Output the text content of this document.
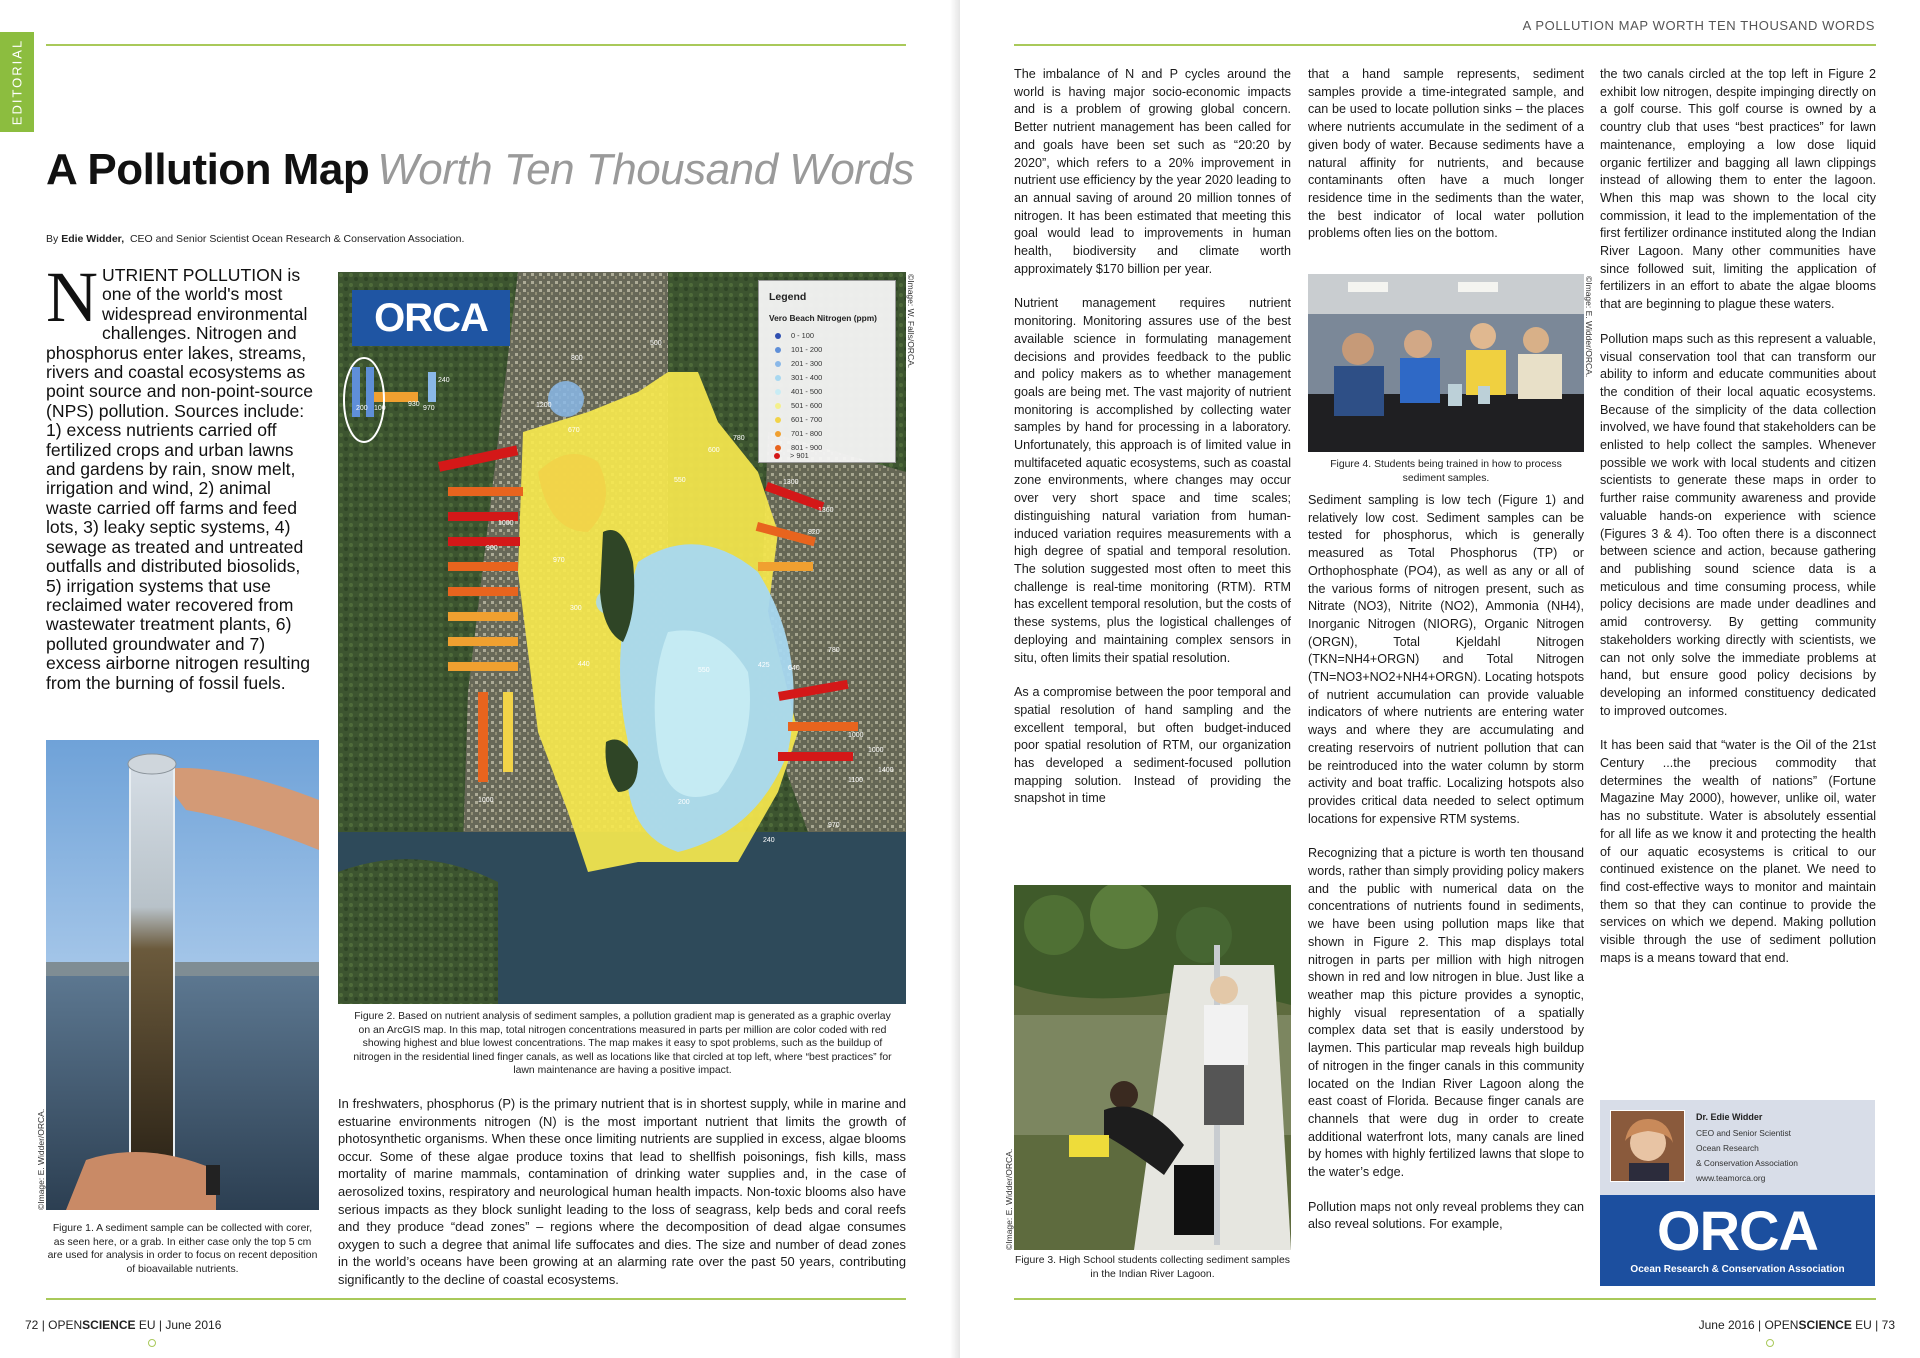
EDITORIAL
A Pollution Map Worth Ten Thousand Words
By Edie Widder, CEO and Senior Scientist Ocean Research & Conservation Association.
NUTRIENT POLLUTION is one of the world's most widespread environmental challenges. Nitrogen and phosphorus enter lakes, streams, rivers and coastal ecosystems as point source and non-point-source (NPS) pollution. Sources include: 1) excess nutrients carried off fertilized crops and urban lawns and gardens by rain, snow melt, irrigation and wind, 2) animal waste carried off farms and feed lots, 3) leaky septic systems, 4) sewage as treated and untreated outfalls and distributed biosolids, 5) irrigation systems that use reclaimed water recovered from wastewater treatment plants, 6) polluted groundwater and 7) excess airborne nitrogen resulting from the burning of fossil fuels.
©Image: E. Widder/ORCA.
Figure 1. A sediment sample can be collected with corer, as seen here, or a grab. In either case only the top 5 cm are used for analysis in order to focus on recent deposition of bioavailable nutrients.
800
500
240
930
970	1200
670
200 100
1000
900
550
600
780
1300
1360
820
550
300
440	425
780
640
970
1000
1000
1000
200
240
970
1100
1400
ORCA	Legend
Vero Beach Nitrogen (ppm)
0 - 100
101 - 200
201 - 300
301 - 400
401 - 500
501 - 600
601 - 700
701 - 800
801 - 900
> 901
©Image: W. Falls/ORCA.
Figure 2. Based on nutrient analysis of sediment samples, a pollution gradient map is generated as a graphic overlay on an ArcGIS map. In this map, total nitrogen concentrations measured in parts per million are color coded with red showing highest and blue lowest concentrations. The map makes it easy to spot problems, such as the buildup of nitrogen in the residential lined finger canals, as well as locations like that circled at top left, where “best practices” for lawn maintenance are having a positive impact.

In freshwaters, phosphorus (P) is the primary nutrient that is in shortest supply, while in marine and estuarine environments nitrogen (N) is the most important nutrient that limits the growth of photosynthetic organisms. When these once limiting nutrients are supplied in excess, algae blooms occur. Some of these algae produce toxins that lead to shellfish poisonings, fish kills, mass mortality of marine mammals, contamination of drinking water supplies and, in the case of aerosolized toxins, respiratory and neurological human health impacts. Non-toxic blooms also have serious impacts as they block sunlight leading to the loss of seagrass, kelp beds and coral reefs and they produce “dead zones” – regions where the decomposition of dead algae consumes oxygen to such a degree that animal life suffocates and dies. The size and number of dead zones in the world’s oceans have been growing at an alarming rate over the past 50 years, contributing significantly to the decline of coastal ecosystems.

72 | OPENSCIENCE EU | June 2016
A POLLUTION MAP WORTH TEN THOUSAND WORDS

The imbalance of N and P cycles around the world is having major socio-economic impacts and is a problem of growing global concern. Better nutrient management has been called for and goals have been set such as “20:20 by 2020”, which refers to a 20% improvement in nutrient use efficiency by the year 2020 leading to an annual saving of around 20 million tonnes of nitrogen. It has been estimated that meeting this goal would lead to improvements in human health, biodiversity and climate worth approximately $170 billion per year.

Nutrient management requires nutrient monitoring. Monitoring assures use of the best available science in formulating management decisions and provides feedback to the public and policy makers as to whether management goals are being met. The vast majority of nutrient monitoring is accomplished by collecting water samples by hand for processing in a laboratory. Unfortunately, this approach is of limited value in multifaceted aquatic ecosystems, such as coastal zone environments, where changes may occur over very short space and time scales; distinguishing natural variation from human-induced variation requires measurements with a high degree of spatial and temporal resolution. The solution suggested most often to meet this challenge is real-time monitoring (RTM). RTM has excellent temporal resolution, but the costs of these systems, plus the logistical challenges of deploying and maintaining complex sensors in situ, often limits their spatial resolution.

As a compromise between the poor temporal and spatial resolution of hand sampling and the excellent temporal, but often budget-induced poor spatial resolution of RTM, our organization has developed a sediment-focused pollution mapping solution. Instead of providing the snapshot in time

©Image: E. Widder/ORCA.
Figure 3. High School students collecting sediment samples in the Indian River Lagoon.

that a hand sample represents, sediment samples provide a time-integrated sample, and can be used to locate pollution sinks – the places where nutrients accumulate in the sediment of a given body of water. Because sediments have a natural affinity for nutrients, and because contaminants often have a much longer residence time in the sediments than the water, the best indicator of local water pollution problems often lies on the bottom.

©Image: E. Widder/ORCA.
Figure 4. Students being trained in how to process sediment samples.

Sediment sampling is low tech (Figure 1) and relatively low cost. Sediment samples can be tested for phosphorus, which is generally measured as Total Phosphorus (TP) or Orthophosphate (PO4), as well as any or all of the various forms of nitrogen present, such as Nitrate (NO3), Nitrite (NO2), Ammonia (NH4), Inorganic Nitrogen (NIORG), Organic Nitrogen (ORGN), Total Kjeldahl Nitrogen (TKN=NH4+ORGN) and Total Nitrogen (TN=NO3+NO2+NH4+ORGN). Locating hotspots of nutrient accumulation can provide valuable indicators of where nutrients are entering water ways and where they are accumulating and creating reservoirs of nutrient pollution that can be reintroduced into the water column by storm activity and boat traffic. Localizing hotspots also provides critical data needed to select optimum locations for expensive RTM systems.

Recognizing that a picture is worth ten thousand words, rather than simply providing policy makers and the public with numerical data on the concentrations of nutrients found in sediments, we have been using pollution maps like that shown in Figure 2. This map displays total nitrogen in parts per million with high nitrogen shown in red and low nitrogen in blue. Just like a weather map this picture provides a synoptic, highly visual representation of a spatially complex data set that is easily understood by laymen. This particular map reveals high buildup of nitrogen in the finger canals in this community located on the Indian River Lagoon along the east coast of Florida. Because finger canals are channels that were dug in order to create additional waterfront lots, many canals are lined by homes with highly fertilized lawns that slope to the water’s edge.

Pollution maps not only reveal problems they can also reveal solutions. For example,

the two canals circled at the top left in Figure 2 exhibit low nitrogen, despite impinging directly on a golf course. This golf course is owned by a country club that uses “best practices” for lawn maintenance, employing a low dose liquid organic fertilizer and bagging all lawn clippings instead of allowing them to enter the lagoon. When this map was shown to the local city commission, it lead to the implementation of the first fertilizer ordinance instituted along the Indian River Lagoon. Many other communities have since followed suit, limiting the application of fertilizers in an effort to abate the algae blooms that are beginning to plague these waters.

Pollution maps such as this represent a valuable, visual conservation tool that can transform our ability to inform and educate communities about the condition of their local aquatic ecosystems. Because of the simplicity of the data collection involved, we have found that stakeholders can be enlisted to help collect the samples. Whenever possible we work with local students and citizen scientists to generate these maps in order to further raise community awareness and provide valuable hands-on experience with science (Figures 3 & 4). Too often there is a disconnect between science and action, because gathering and publishing sound science data is a meticulous and time consuming process, while policy decisions are made under deadlines and amid controversy. By getting community stakeholders working directly with scientists, we can not only solve the immediate problems at hand, but ensure good policy decisions by developing an informed constituency dedicated to improved outcomes.

It has been said that “water is the Oil of the 21st Century ...the precious commodity that determines the wealth of nations” (Fortune Magazine May 2000), however, unlike oil, water has no substitute. Water is absolutely essential for all life as we know it and protecting the health of our aquatic ecosystems is critical to our continued existence on the planet. We need to find cost-effective ways to monitor and maintain them so that they can continue to provide the services on which we depend. Making pollution visible through the use of sediment pollution maps is a means toward that end.

Dr. Edie Widder
CEO and Senior Scientist
Ocean Research
& Conservation Association
www.teamorca.org
ORCA
Ocean Research & Conservation Association
June 2016 | OPENSCIENCE EU | 73
